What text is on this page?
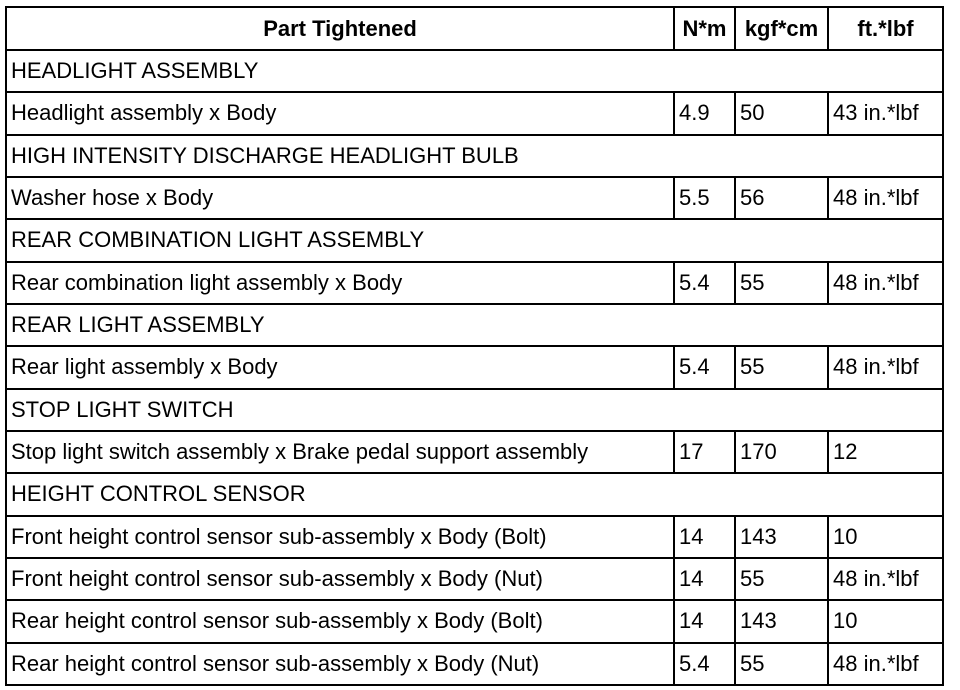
Part Tightened	N*m	kgf*cm	ft.*lbf
HEADLIGHT ASSEMBLY			
Headlight assembly x Body	4.9	50	43 in.*lbf
HIGH INTENSITY DISCHARGE HEADLIGHT BULB			
Washer hose x Body	5.5	56	48 in.*lbf
REAR COMBINATION LIGHT ASSEMBLY			
Rear combination light assembly x Body	5.4	55	48 in.*lbf
REAR LIGHT ASSEMBLY			
Rear light assembly x Body	5.4	55	48 in.*lbf
STOP LIGHT SWITCH			
Stop light switch assembly x Brake pedal support assembly	17	170	12
HEIGHT CONTROL SENSOR			
Front height control sensor sub-assembly x Body (Bolt)	14	143	10
Front height control sensor sub-assembly x Body (Nut)	14	55	48 in.*lbf
Rear height control sensor sub-assembly x Body (Bolt)	14	143	10
Rear height control sensor sub-assembly x Body (Nut)	5.4	55	48 in.*lbf
